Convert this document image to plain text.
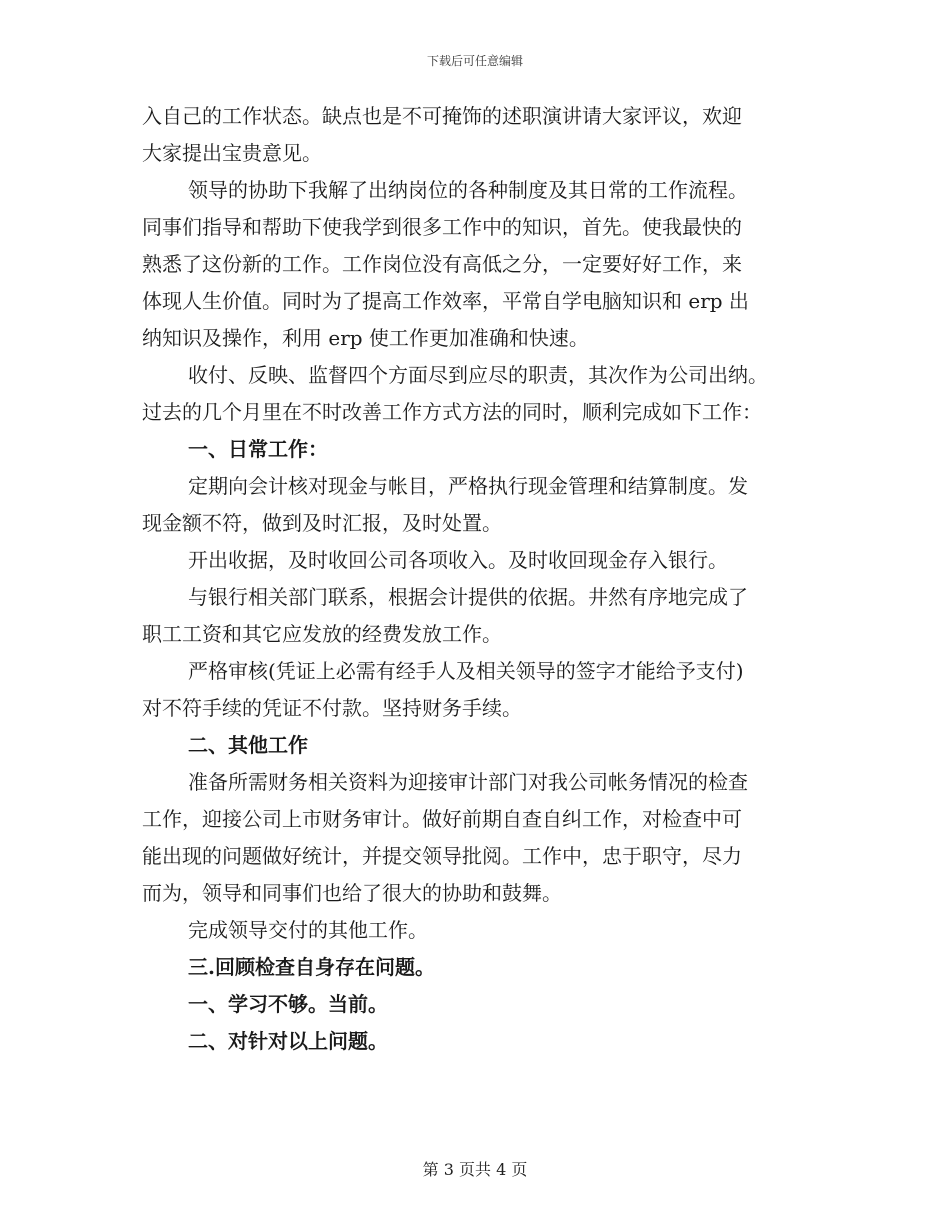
下载后可任意编辑
入自己的工作状态。缺点也是不可掩饰的述职演讲请大家评议，欢迎
大家提出宝贵意见。
领导的协助下我解了出纳岗位的各种制度及其日常的工作流程。
同事们指导和帮助下使我学到很多工作中的知识，首先。使我最快的
熟悉了这份新的工作。工作岗位没有高低之分，一定要好好工作，来
体现人生价值。同时为了提高工作效率，平常自学电脑知识和 erp 出
纳知识及操作，利用 erp 使工作更加准确和快速。
收付、反映、监督四个方面尽到应尽的职责，其次作为公司出纳。
过去的几个月里在不时改善工作方式方法的同时，顺利完成如下工作：
一、日常工作：
定期向会计核对现金与帐目，严格执行现金管理和结算制度。发
现金额不符，做到及时汇报，及时处置。
开出收据，及时收回公司各项收入。及时收回现金存入银行。
与银行相关部门联系，根据会计提供的依据。井然有序地完成了
职工工资和其它应发放的经费发放工作。
严格审核(凭证上必需有经手人及相关领导的签字才能给予支付)
对不符手续的凭证不付款。坚持财务手续。
二、其他工作
准备所需财务相关资料为迎接审计部门对我公司帐务情况的检查
工作，迎接公司上市财务审计。做好前期自查自纠工作，对检查中可
能出现的问题做好统计，并提交领导批阅。工作中，忠于职守，尽力
而为，领导和同事们也给了很大的协助和鼓舞。
完成领导交付的其他工作。
三.回顾检查自身存在问题。
一、学习不够。当前。
二、对针对以上问题。
第 3 页共 4 页
